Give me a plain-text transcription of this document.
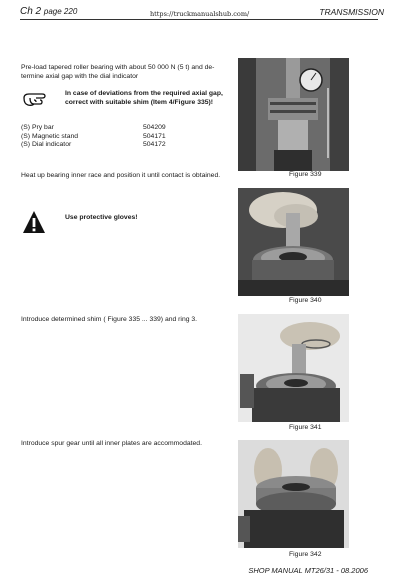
Ch 2 page 220	https://truckmanualshub.com/	TRANSMISSION
Pre-load tapered roller bearing with about 50 000 N (5 t) and de-termine axial gap with the dial indicator
In case of deviations from the required axial gap, correct with suitable shim (Item 4/Figure 335)!
(S) Pry bar	504209
(S) Magnetic stand	504171
(S) Dial indicator	504172
Figure 339
Heat up bearing inner race and position it until contact is obtained.
Use protective gloves!
Figure 340
Introduce determined shim ( Figure 335 ... 339) and ring 3.
Figure 341
Introduce spur gear until all inner plates are accommodated.
Figure 342
SHOP MANUAL MT26/31 - 08.2006
